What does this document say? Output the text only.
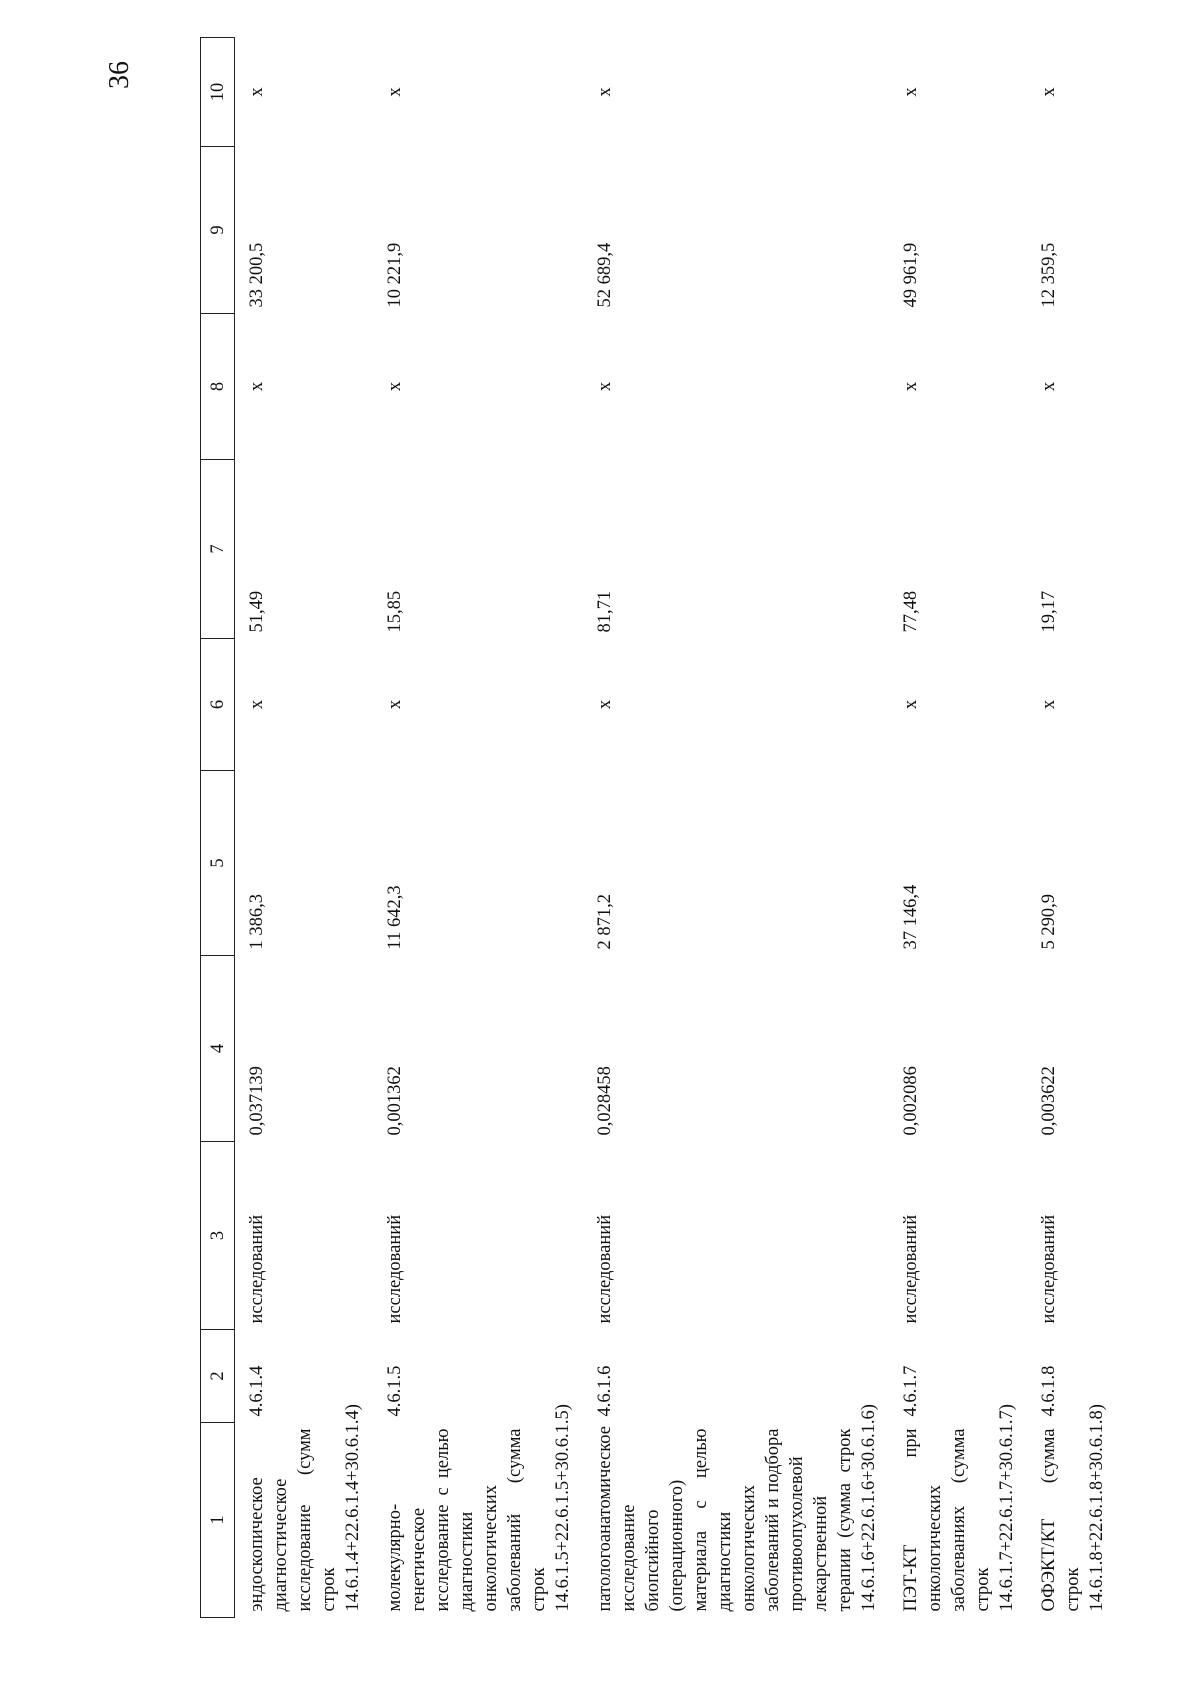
36
1	2	3	4	5	6	7	8	9	10
эндоскопическое диагностическое исследование (сумм строк 14.6.1.4+22.6.1.4+30.6.1.4)	4.6.1.4	исследований	0,037139	1 386,3	х	51,49	х	33 200,5	х
молекулярно-генетическое исследование с целью диагностики онкологических заболеваний (сумма строк 14.6.1.5+22.6.1.5+30.6.1.5)	4.6.1.5	исследований	0,001362	11 642,3	х	15,85	х	10 221,9	х
патологоанатомическое исследование биопсийного (операционного) материала с целью диагностики онкологических заболеваний и подбора противоопухолевой лекарственной терапии (сумма строк 14.6.1.6+22.6.1.6+30.6.1.6)	4.6.1.6	исследований	0,028458	2 871,2	х	81,71	х	52 689,4	х
ПЭТ-КТ при онкологических заболеваниях (сумма строк 14.6.1.7+22.6.1.7+30.6.1.7)	4.6.1.7	исследований	0,002086	37 146,4	х	77,48	х	49 961,9	х
ОФЭКТ/КТ (сумма строк 14.6.1.8+22.6.1.8+30.6.1.8)	4.6.1.8	исследований	0,003622	5 290,9	х	19,17	х	12 359,5	х
